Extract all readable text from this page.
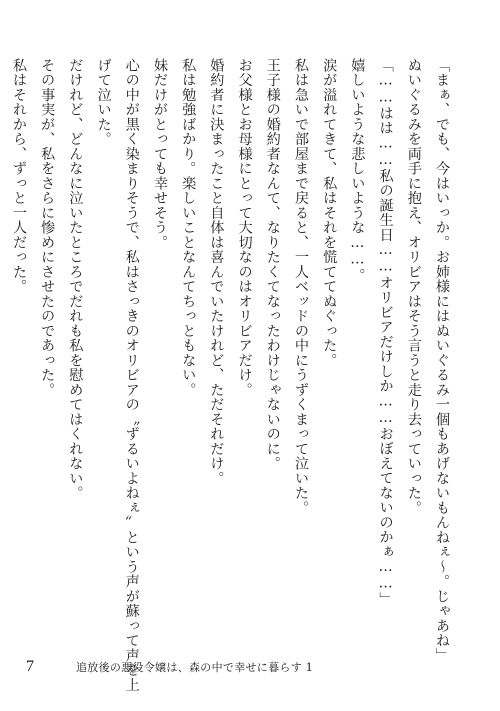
「まぁ、でも、今はいっか。お姉様にはぬいぐるみ一個もあげないもんねぇ〜。じゃあね」
ぬいぐるみを両手に抱え、オリビアはそう言うと走り去っていった。
「……はは……私の誕生日……オリビアだけしか……おぼえてないのかぁ……」
嬉しいような悲しいような……。
涙が溢れてきて、私はそれを慌ててぬぐった。
私は急いで部屋まで戻ると、一人ベッドの中にうずくまって泣いた。
王子様の婚約者なんて、なりたくてなったわけじゃないのに。
お父様とお母様にとって大切なのはオリビアだけ。
婚約者に決まったこと自体は喜んでいたけれど、ただそれだけ。
私は勉強ばかり。楽しいことなんてちっともない。
妹だけがとっても幸せそう。
心の中が黒く染まりそうで、私はさっきのオリビアの〝ずるいよねぇ〟という声が蘇って声を上
げて泣いた。
だけれど、どんなに泣いたところでだれも私を慰めてはくれない。
その事実が、私をさらに惨めにさせたのであった。
私はそれから、ずっと一人だった。
7	追放後の悪役令嬢は、森の中で幸せに暮らす 1
